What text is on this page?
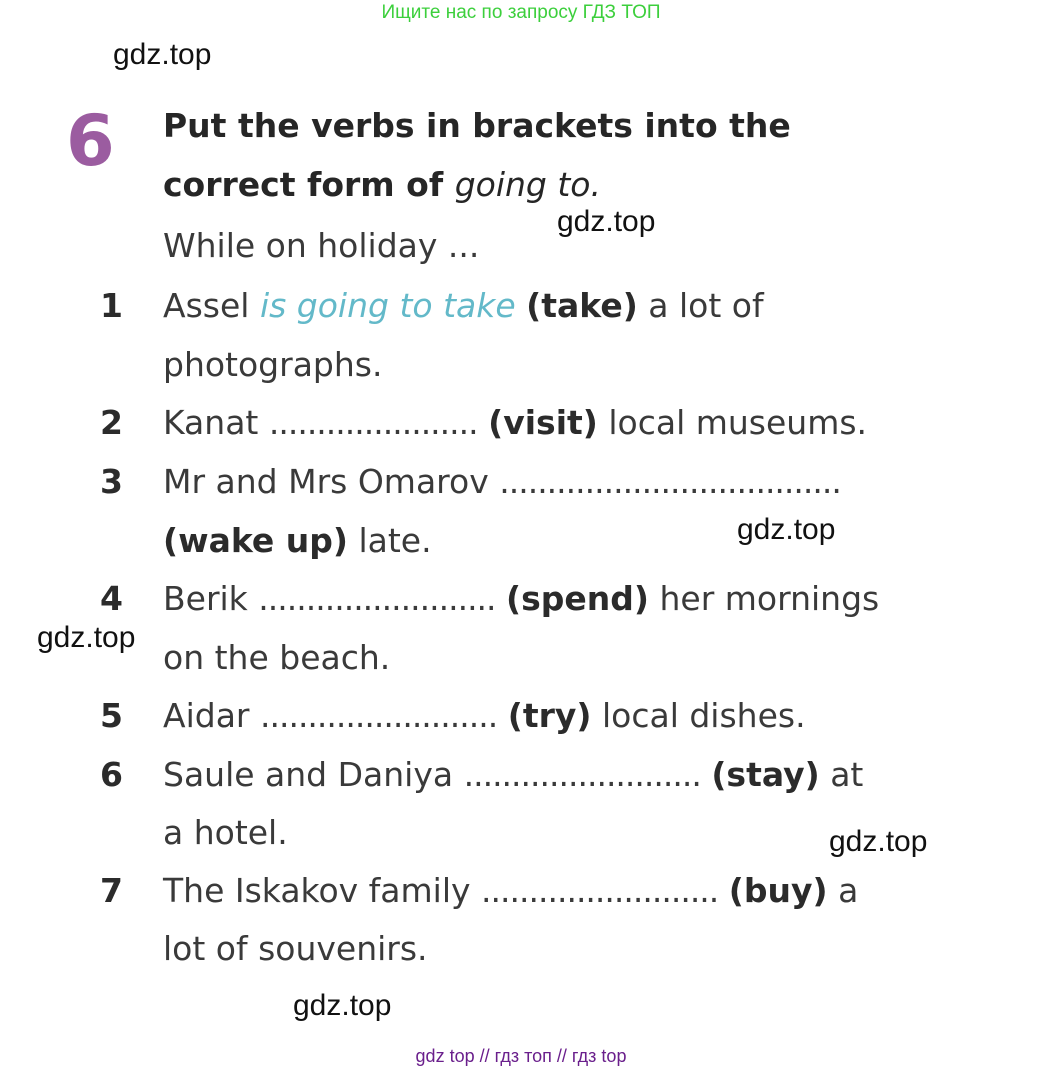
Ищите нас по запросу ГДЗ ТОП
gdz.top
gdz.top
gdz.top
gdz.top
gdz.top
gdz.top
6 Put the verbs in brackets into the
correct form of going to.
While on holiday ...
1 Assel is going to take (take) a lot of
photographs.
2 Kanat ...................... (visit) local museums.
3 Mr and Mrs Omarov ....................................
(wake up) late.
4 Berik ......................... (spend) her mornings
on the beach.
5 Aidar ......................... (try) local dishes.
6 Saule and Daniya ......................... (stay) at
a hotel.
7 The Iskakov family ......................... (buy) a
lot of souvenirs.
gdz top // гдз топ // гдз top
